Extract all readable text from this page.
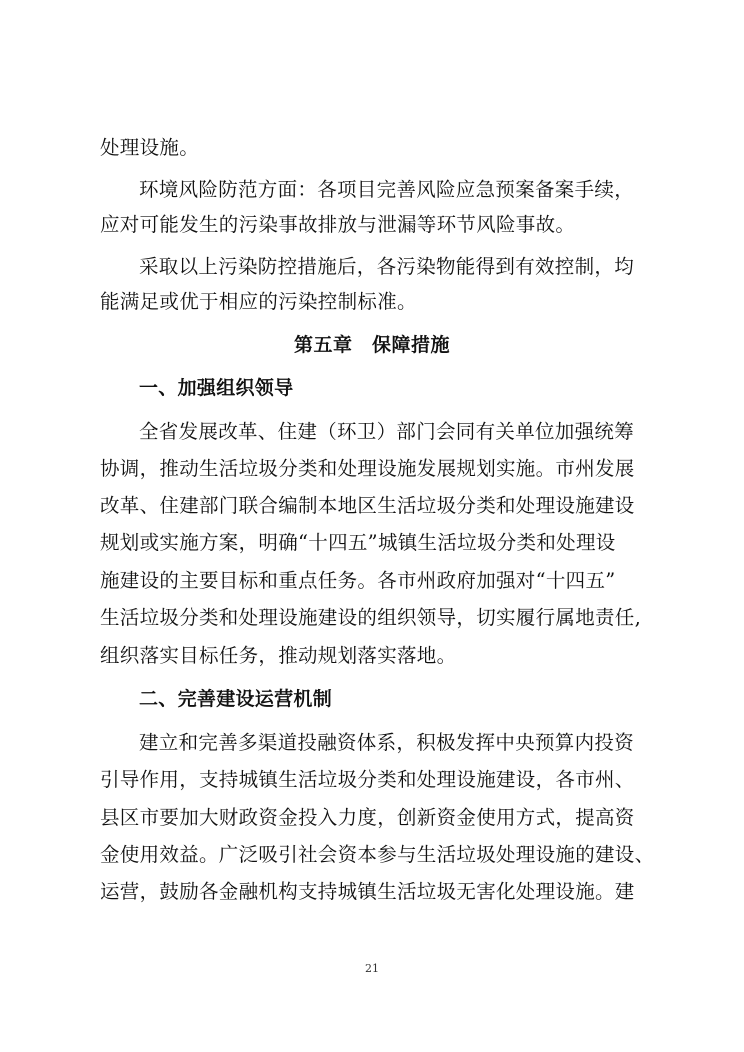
处理设施。
环境风险防范方面：各项目完善风险应急预案备案手续，
应对可能发生的污染事故排放与泄漏等环节风险事故。
采取以上污染防控措施后，各污染物能得到有效控制，均
能满足或优于相应的污染控制标准。
第五章　保障措施
一、加强组织领导
全省发展改革、住建（环卫）部门会同有关单位加强统筹
协调，推动生活垃圾分类和处理设施发展规划实施。市州发展
改革、住建部门联合编制本地区生活垃圾分类和处理设施建设
规划或实施方案，明确“十四五”城镇生活垃圾分类和处理设
施建设的主要目标和重点任务。各市州政府加强对“十四五”
生活垃圾分类和处理设施建设的组织领导，切实履行属地责任,
组织落实目标任务，推动规划落实落地。
二、完善建设运营机制
建立和完善多渠道投融资体系，积极发挥中央预算内投资
引导作用，支持城镇生活垃圾分类和处理设施建设，各市州、
县区市要加大财政资金投入力度，创新资金使用方式，提高资
金使用效益。广泛吸引社会资本参与生活垃圾处理设施的建设、
运营，鼓励各金融机构支持城镇生活垃圾无害化处理设施。建
21
